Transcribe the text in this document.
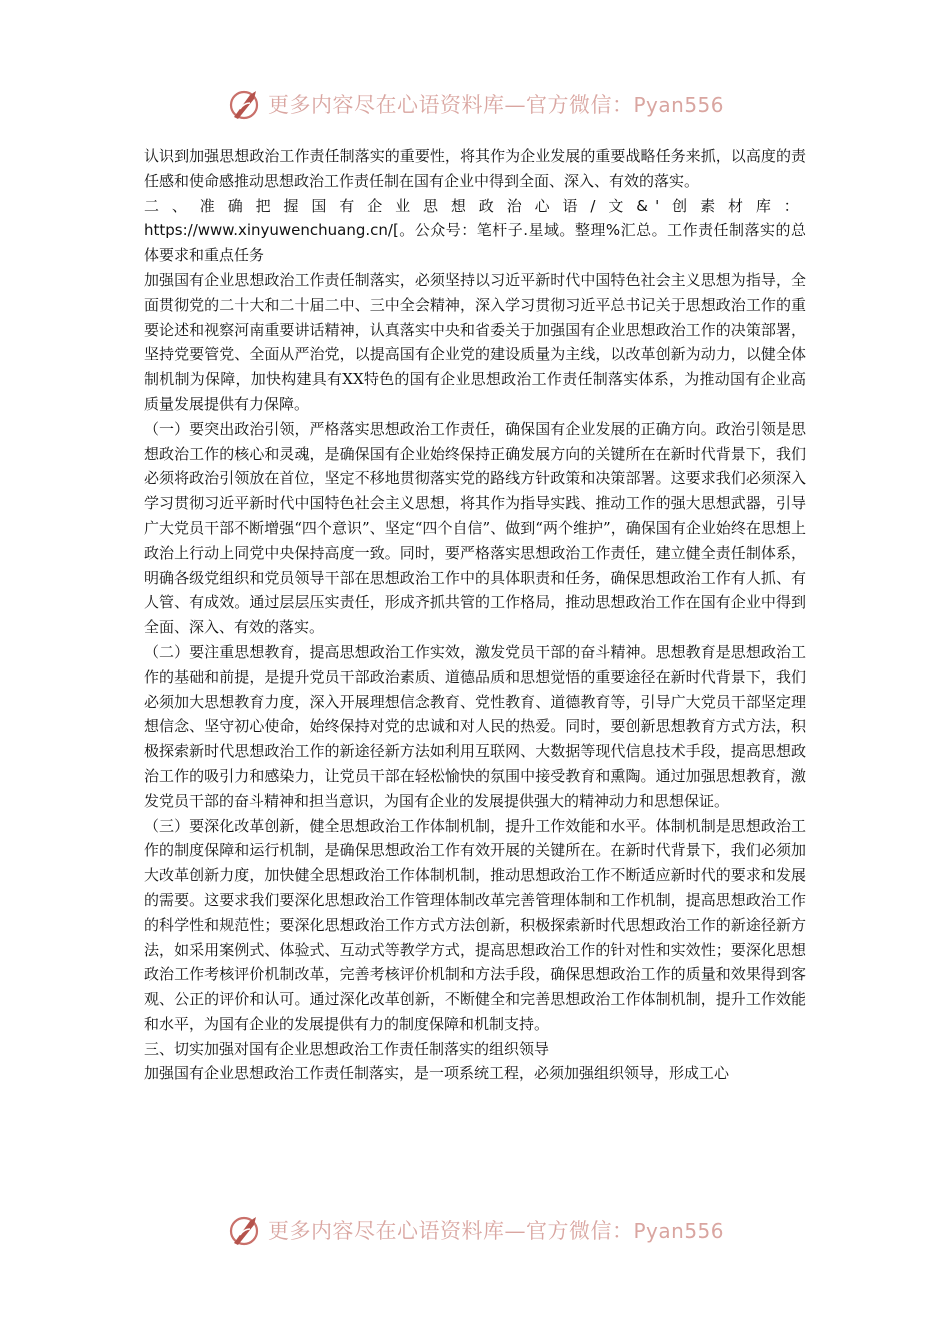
更多内容尽在心语资料库—官方微信：Pyan556

认识到加强思想政治工作责任制落实的重要性，将其作为企业发展的重要战略任务来抓，以高度的责任感和使命感推动思想政治工作责任制在国有企业中得到全面、深入、有效的落实。

二、准确把握国有企业思想政治心语/文&'创素材库： https://www.xinyuwenchuang.cn/[。公众号：笔杆子.星域。整理%汇总。工作责任制落实的总体要求和重点任务

加强国有企业思想政治工作责任制落实，必须坚持以习近平新时代中国特色社会主义思想为指导，全面贯彻党的二十大和二十届二中、三中全会精神，深入学习贯彻习近平总书记关于思想政治工作的重要论述和视察河南重要讲话精神，认真落实中央和省委关于加强国有企业思想政治工作的决策部署，坚持党要管党、全面从严治党，以提高国有企业党的建设质量为主线，以改革创新为动力，以健全体制机制为保障，加快构建具有XX特色的国有企业思想政治工作责任制落实体系，为推动国有企业高质量发展提供有力保障。

（一）要突出政治引领，严格落实思想政治工作责任，确保国有企业发展的正确方向。政治引领是思想政治工作的核心和灵魂，是确保国有企业始终保持正确发展方向的关键所在在新时代背景下，我们必须将政治引领放在首位，坚定不移地贯彻落实党的路线方针政策和决策部署。这要求我们必须深入学习贯彻习近平新时代中国特色社会主义思想，将其作为指导实践、推动工作的强大思想武器，引导广大党员干部不断增强“四个意识”、坚定“四个自信”、做到“两个维护”，确保国有企业始终在思想上政治上行动上同党中央保持高度一致。同时，要严格落实思想政治工作责任，建立健全责任制体系，明确各级党组织和党员领导干部在思想政治工作中的具体职责和任务，确保思想政治工作有人抓、有人管、有成效。通过层层压实责任，形成齐抓共管的工作格局，推动思想政治工作在国有企业中得到全面、深入、有效的落实。

（二）要注重思想教育，提高思想政治工作实效，激发党员干部的奋斗精神。思想教育是思想政治工作的基础和前提，是提升党员干部政治素质、道德品质和思想觉悟的重要途径在新时代背景下，我们必须加大思想教育力度，深入开展理想信念教育、党性教育、道德教育等，引导广大党员干部坚定理想信念、坚守初心使命，始终保持对党的忠诚和对人民的热爱。同时，要创新思想教育方式方法，积极探索新时代思想政治工作的新途径新方法如利用互联网、大数据等现代信息技术手段，提高思想政治工作的吸引力和感染力，让党员干部在轻松愉快的氛围中接受教育和熏陶。通过加强思想教育，激发党员干部的奋斗精神和担当意识，为国有企业的发展提供强大的精神动力和思想保证。

（三）要深化改革创新，健全思想政治工作体制机制，提升工作效能和水平。体制机制是思想政治工作的制度保障和运行机制，是确保思想政治工作有效开展的关键所在。在新时代背景下，我们必须加大改革创新力度，加快健全思想政治工作体制机制，推动思想政治工作不断适应新时代的要求和发展的需要。这要求我们要深化思想政治工作管理体制改革完善管理体制和工作机制，提高思想政治工作的科学性和规范性；要深化思想政治工作方式方法创新，积极探索新时代思想政治工作的新途径新方法，如采用案例式、体验式、互动式等教学方式，提高思想政治工作的针对性和实效性；要深化思想政治工作考核评价机制改革，完善考核评价机制和方法手段，确保思想政治工作的质量和效果得到客观、公正的评价和认可。通过深化改革创新，不断健全和完善思想政治工作体制机制，提升工作效能和水平，为国有企业的发展提供有力的制度保障和机制支持。

三、切实加强对国有企业思想政治工作责任制落实的组织领导

加强国有企业思想政治工作责任制落实，是一项系统工程，必须加强组织领导，形成工心

更多内容尽在心语资料库—官方微信：Pyan556
